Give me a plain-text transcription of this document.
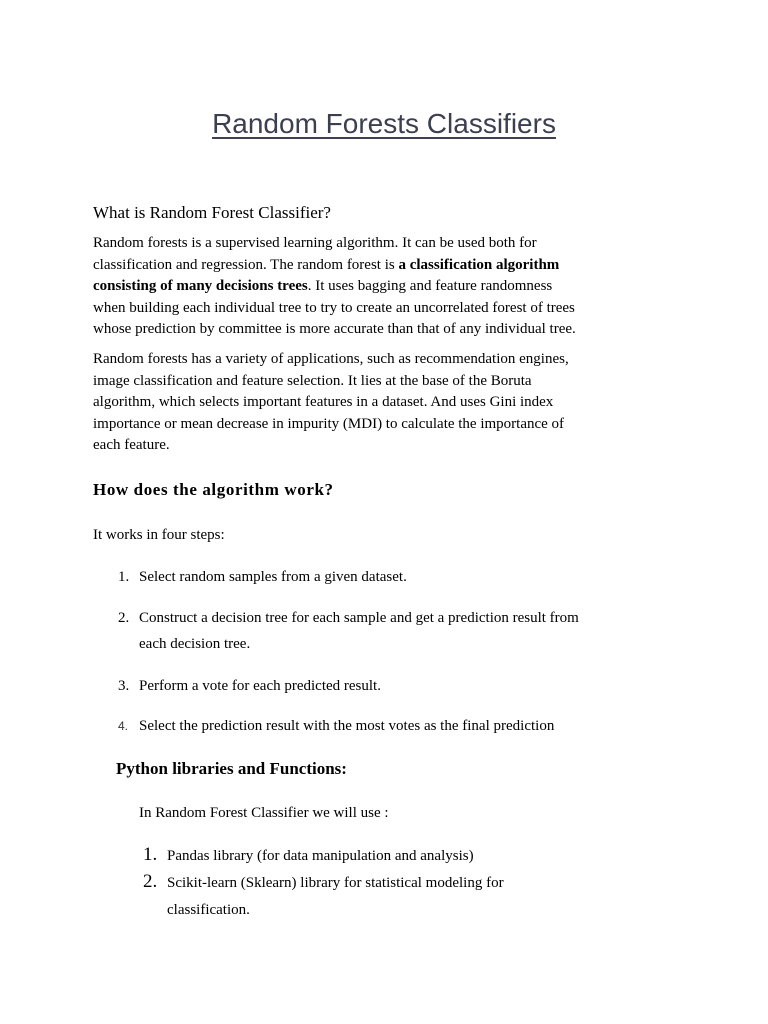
Random Forests Classifiers
What is Random Forest Classifier?
Random forests is a supervised learning algorithm. It can be used both for
classification and regression. The random forest is a classification algorithm
consisting of many decisions trees. It uses bagging and feature randomness
when building each individual tree to try to create an uncorrelated forest of trees
whose prediction by committee is more accurate than that of any individual tree.
Random forests has a variety of applications, such as recommendation engines,
image classification and feature selection. It lies at the base of the Boruta
algorithm, which selects important features in a dataset. And uses Gini index
importance or mean decrease in impurity (MDI) to calculate the importance of
each feature.
How does the algorithm work?
It works in four steps:
1. Select random samples from a given dataset.
2. Construct a decision tree for each sample and get a prediction result from
each decision tree.
3. Perform a vote for each predicted result.
4. Select the prediction result with the most votes as the final prediction
Python libraries and Functions:
In Random Forest Classifier we will use :
1. Pandas library (for data manipulation and analysis)
2. Scikit-learn (Sklearn) library for statistical modeling for
classification.
